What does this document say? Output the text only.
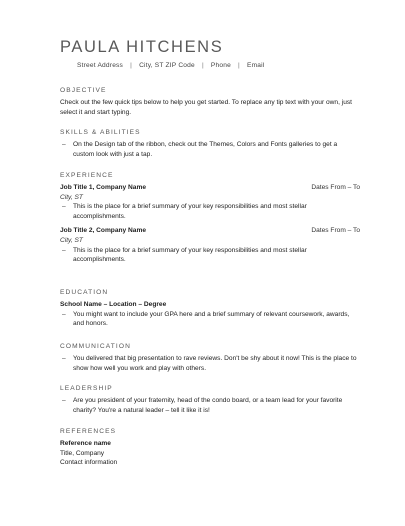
PAULA HITCHENS
Street Address | City, ST ZIP Code | Phone | Email
OBJECTIVE

Check out the few quick tips below to help you get started. To replace any tip text with your own, just select it and start typing.

SKILLS & ABILITIES

– On the Design tab of the ribbon, check out the Themes, Colors and Fonts galleries to get a custom look with just a tap.

EXPERIENCE
Job Title 1, Company Name	Dates From – To
City, ST

– This is the place for a brief summary of your key responsibilities and most stellar accomplishments.

Job Title 2, Company Name	Dates From – To
City, ST

– This is the place for a brief summary of your key responsibilities and most stellar accomplishments.

EDUCATION
School Name – Location – Degree

– You might want to include your GPA here and a brief summary of relevant coursework, awards, and honors.

COMMUNICATION

– You delivered that big presentation to rave reviews. Don't be shy about it now! This is the place to show how well you work and play with others.

LEADERSHIP

– Are you president of your fraternity, head of the condo board, or a team lead for your favorite charity? You're a natural leader – tell it like it is!

REFERENCES
Reference name
Title, Company
Contact information
